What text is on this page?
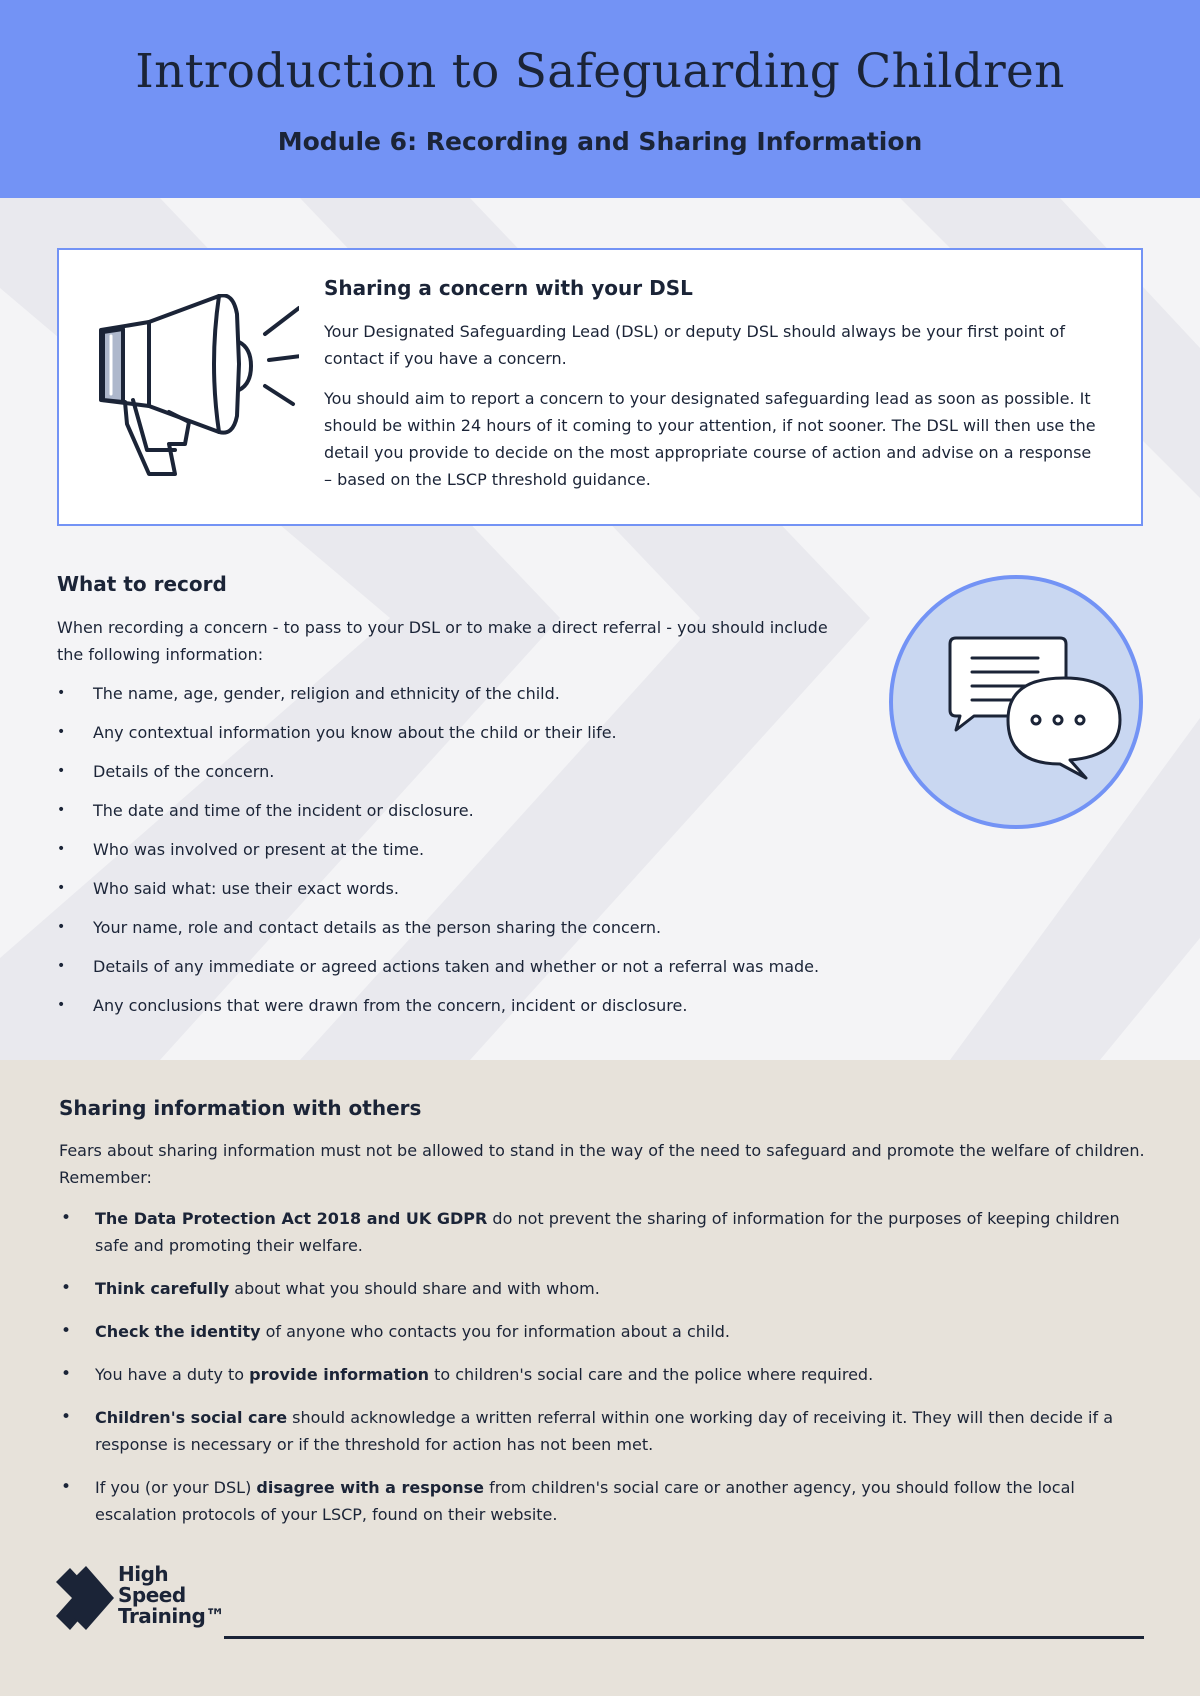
Introduction to Safeguarding Children
Module 6: Recording and Sharing Information
Sharing a concern with your DSL

Your Designated Safeguarding Lead (DSL) or deputy DSL should always be your first point of contact if you have a concern.

You should aim to report a concern to your designated safeguarding lead as soon as possible. It should be within 24 hours of it coming to your attention, if not sooner. The DSL will then use the detail you provide to decide on the most appropriate course of action and advise on a response – based on the LSCP threshold guidance.

What to record

When recording a concern - to pass to your DSL or to make a direct referral - you should include the following information:

• The name, age, gender, religion and ethnicity of the child.
• Any contextual information you know about the child or their life.
• Details of the concern.
• The date and time of the incident or disclosure.
• Who was involved or present at the time.
• Who said what: use their exact words.
• Your name, role and contact details as the person sharing the concern.
• Details of any immediate or agreed actions taken and whether or not a referral was made.
• Any conclusions that were drawn from the concern, incident or disclosure.
Sharing information with others

Fears about sharing information must not be allowed to stand in the way of the need to safeguard and promote the welfare of children. Remember:

• The Data Protection Act 2018 and UK GDPR do not prevent the sharing of information for the purposes of keeping children safe and promoting their welfare.
• Think carefully about what you should share and with whom.
• Check the identity of anyone who contacts you for information about a child.
• You have a duty to provide information to children's social care and the police where required.
• Children's social care should acknowledge a written referral within one working day of receiving it. They will then decide if a response is necessary or if the threshold for action has not been met.
• If you (or your DSL) disagree with a response from children's social care or another agency, you should follow the local escalation protocols of your LSCP, found on their website.
High
Speed
Training™
